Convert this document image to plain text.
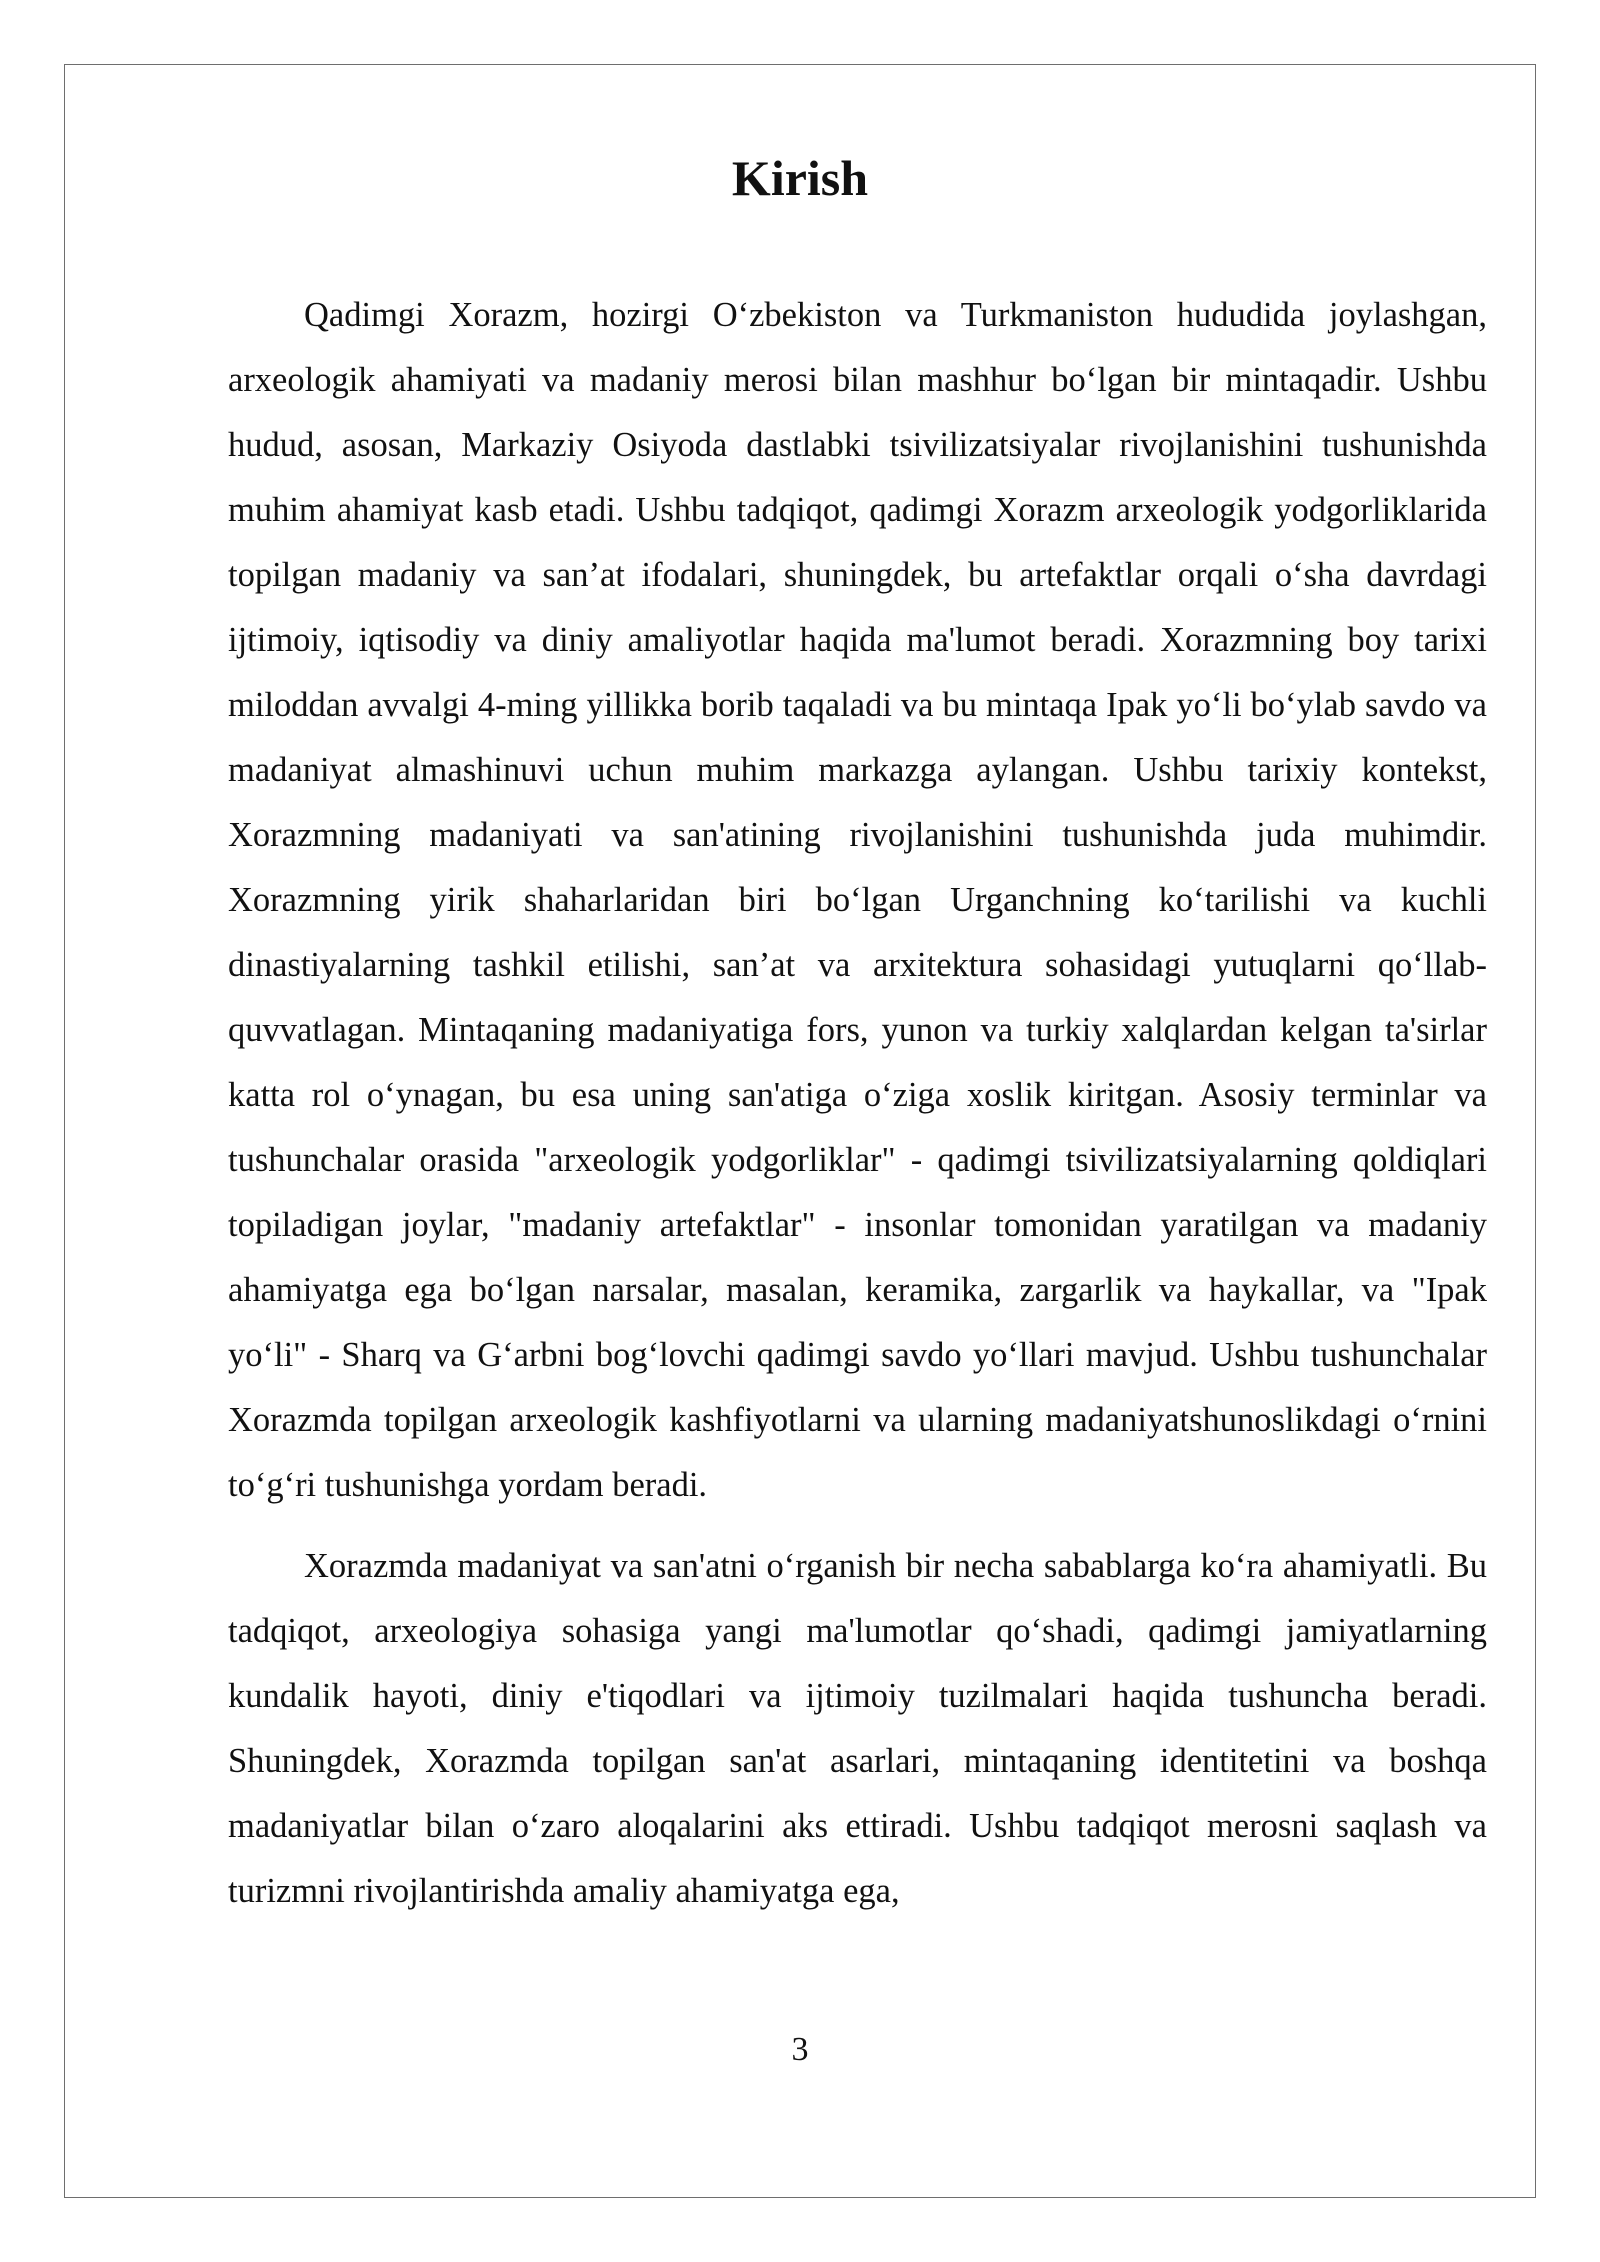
Kirish

Qadimgi Xorazm, hozirgi O‘zbekiston va Turkmaniston hududida joylashgan, arxeologik ahamiyati va madaniy merosi bilan mashhur bo‘lgan bir mintaqadir. Ushbu hudud, asosan, Markaziy Osiyoda dastlabki tsivilizatsiyalar rivojlanishini tushunishda muhim ahamiyat kasb etadi. Ushbu tadqiqot, qadimgi Xorazm arxeologik yodgorliklarida topilgan madaniy va san’at ifodalari, shuningdek, bu artefaktlar orqali o‘sha davrdagi ijtimoiy, iqtisodiy va diniy amaliyotlar haqida ma'lumot beradi. Xorazmning boy tarixi miloddan avvalgi 4-ming yillikka borib taqaladi va bu mintaqa Ipak yo‘li bo‘ylab savdo va madaniyat almashinuvi uchun muhim markazga aylangan. Ushbu tarixiy kontekst, Xorazmning madaniyati va san'atining rivojlanishini tushunishda juda muhimdir. Xorazmning yirik shaharlaridan biri bo‘lgan Urganchning ko‘tarilishi va kuchli dinastiyalarning tashkil etilishi, san’at va arxitektura sohasidagi yutuqlarni qo‘llab-quvvatlagan. Mintaqaning madaniyatiga fors, yunon va turkiy xalqlardan kelgan ta'sirlar katta rol o‘ynagan, bu esa uning san'atiga o‘ziga xoslik kiritgan. Asosiy terminlar va tushunchalar orasida "arxeologik yodgorliklar" - qadimgi tsivilizatsiyalarning qoldiqlari topiladigan joylar, "madaniy artefaktlar" - insonlar tomonidan yaratilgan va madaniy ahamiyatga ega bo‘lgan narsalar, masalan, keramika, zargarlik va haykallar, va "Ipak yo‘li" - Sharq va G‘arbni bog‘lovchi qadimgi savdo yo‘llari mavjud. Ushbu tushunchalar Xorazmda topilgan arxeologik kashfiyotlarni va ularning madaniyatshunoslikdagi o‘rnini to‘g‘ri tushunishga yordam beradi.

Xorazmda madaniyat va san'atni o‘rganish bir necha sabablarga ko‘ra ahamiyatli. Bu tadqiqot, arxeologiya sohasiga yangi ma'lumotlar qo‘shadi, qadimgi jamiyatlarning kundalik hayoti, diniy e'tiqodlari va ijtimoiy tuzilmalari haqida tushuncha beradi. Shuningdek, Xorazmda topilgan san'at asarlari, mintaqaning identitetini va boshqa madaniyatlar bilan o‘zaro aloqalarini aks ettiradi. Ushbu tadqiqot merosni saqlash va turizmni rivojlantirishda amaliy ahamiyatga ega,

3
